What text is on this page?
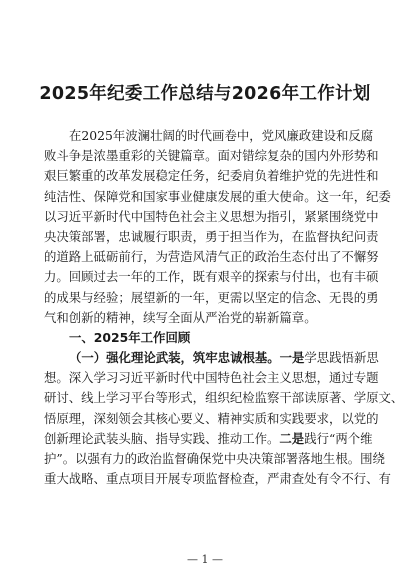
2025年纪委工作总结与2026年工作计划
在2025年波澜壮阔的时代画卷中，党风廉政建设和反腐
败斗争是浓墨重彩的关键篇章。面对错综复杂的国内外形势和
艰巨繁重的改革发展稳定任务，纪委肩负着维护党的先进性和
纯洁性、保障党和国家事业健康发展的重大使命。这一年，纪委
以习近平新时代中国特色社会主义思想为指引，紧紧围绕党中
央决策部署，忠诚履行职责，勇于担当作为，在监督执纪问责
的道路上砥砺前行，为营造风清气正的政治生态付出了不懈努
力。回顾过去一年的工作，既有艰辛的探索与付出，也有丰硕
的成果与经验；展望新的一年，更需以坚定的信念、无畏的勇
气和创新的精神，续写全面从严治党的崭新篇章。
一、2025年工作回顾
（一）强化理论武装，筑牢忠诚根基。一是学思践悟新思
想。深入学习习近平新时代中国特色社会主义思想，通过专题
研讨、线上学习平台等形式，组织纪检监察干部读原著、学原文、
悟原理，深刻领会其核心要义、精神实质和实践要求，以党的
创新理论武装头脑、指导实践、推动工作。二是践行“两个维
护”。以强有力的政治监督确保党中央决策部署落地生根。围绕
重大战略、重点项目开展专项监督检查，严肃查处有令不行、有
— 1 —
